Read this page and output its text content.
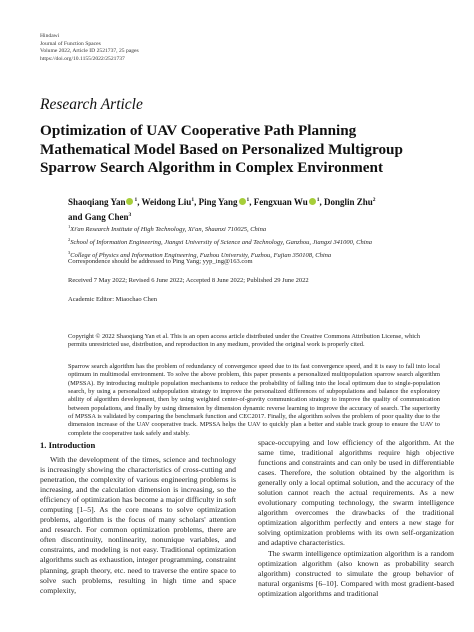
Hindawi
Journal of Function Spaces
Volume 2022, Article ID 2521737, 25 pages
https://doi.org/10.1155/2022/2521737
Research Article
Optimization of UAV Cooperative Path Planning Mathematical Model Based on Personalized Multigroup Sparrow Search Algorithm in Complex Environment
Shaoqiang Yan $^1$, Weidong Liu$^1$, Ping Yang $^1$, Fengxuan Wu $^1$, Donglin Zhu$^2$
and Gang Chen$^3$
$^1$Xi'an Research Institute of High Technology, Xi'an, Shaanxi 710025, China
$^2$School of Information Engineering, Jiangxi University of Science and Technology, Ganzhou, Jiangxi 341000, China
$^3$College of Physics and Information Engineering, Fuzhou University, Fuzhou, Fujian 350108, China
Correspondence should be addressed to Ping Yang; yyp_ing@163.com
Received 7 May 2022; Revised 6 June 2022; Accepted 8 June 2022; Published 29 June 2022
Academic Editor: Miaochao Chen
Copyright © 2022 Shaoqiang Yan et al. This is an open access article distributed under the Creative Commons Attribution License, which permits unrestricted use, distribution, and reproduction in any medium, provided the original work is properly cited.
Sparrow search algorithm has the problem of redundancy of convergence speed due to its fast convergence speed, and it is easy to fall into local optimum in multimodal environment. To solve the above problem, this paper presents a personalized multipopulation sparrow search algorithm (MPSSA). By introducing multiple population mechanisms to reduce the probability of falling into the local optimum due to single-population search, by using a personalized subpopulation strategy to improve the personalized differences of subpopulations and balance the exploratory ability of algorithm development, then by using weighted center-of-gravity communication strategy to improve the quality of communication between populations, and finally by using dimension by dimension dynamic reverse learning to improve the accuracy of search. The superiority of MPSSA is validated by comparing the benchmark function and CEC2017. Finally, the algorithm solves the problem of poor quality due to the dimension increase of the UAV cooperative track. MPSSA helps the UAV to quickly plan a better and stable track group to ensure the UAV to complete the cooperative task safely and stably.
1. Introduction

With the development of the times, science and technology is increasingly showing the characteristics of cross-cutting and penetration, the complexity of various engineering problems is increasing, and the calculation dimension is increasing, so the efficiency of optimization has become a major difficulty in soft computing [1–5]. As the core means to solve optimization problems, algorithm is the focus of many scholars' attention and research. For common optimization problems, there are often discontinuity, nonlinearity, nonunique variables, and constraints, and modeling is not easy. Traditional optimization algorithms such as exhaustion, integer programming, constraint planning, graph theory, etc. need to traverse the entire space to solve such problems, resulting in high time and space complexity,

space-occupying and low efficiency of the algorithm. At the same time, traditional algorithms require high objective functions and constraints and can only be used in differentiable cases. Therefore, the solution obtained by the algorithm is generally only a local optimal solution, and the accuracy of the solution cannot reach the actual requirements. As a new evolutionary computing technology, the swarm intelligence algorithm overcomes the drawbacks of the traditional optimization algorithm perfectly and enters a new stage for solving optimization problems with its own self-organization and adaptive characteristics.

The swarm intelligence optimization algorithm is a random optimization algorithm (also known as probability search algorithm) constructed to simulate the group behavior of natural organisms [6–10]. Compared with most gradient-based optimization algorithms and traditional
